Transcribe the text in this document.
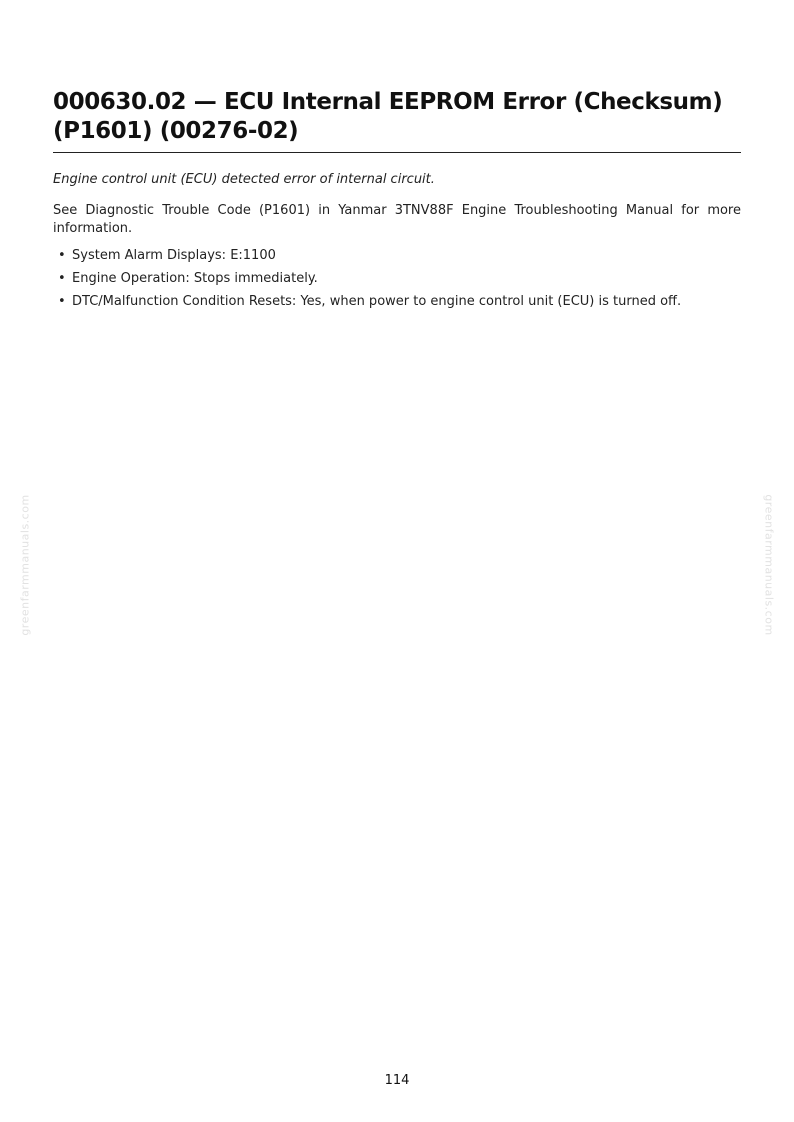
000630.02 — ECU Internal EEPROM Error (Checksum)
(P1601) (00276-02)

Engine control unit (ECU) detected error of internal circuit.

See Diagnostic Trouble Code (P1601) in Yanmar 3TNV88F Engine Troubleshooting Manual for more information.

• System Alarm Displays: E:1100
• Engine Operation: Stops immediately.
• DTC/Malfunction Condition Resets: Yes, when power to engine control unit (ECU) is turned off.
greenfarmmanuals.com	greenfarmmanuals.com
114
